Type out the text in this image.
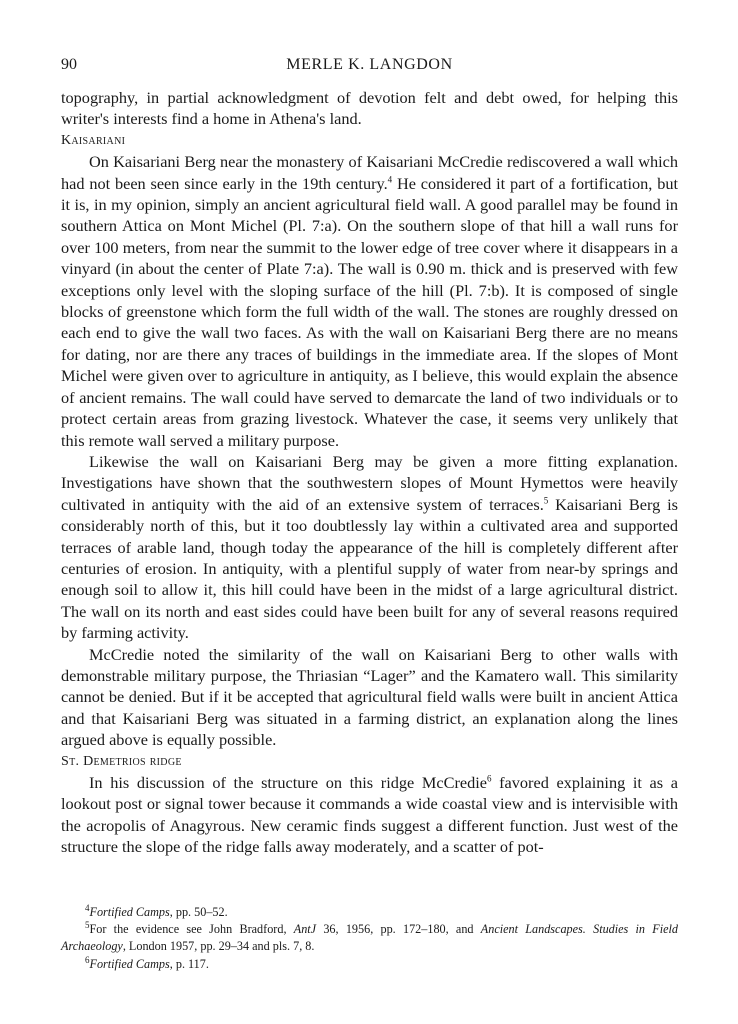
90	MERLE K. LANGDON

topography, in partial acknowledgment of devotion felt and debt owed, for helping this writer's interests find a home in Athena's land.

Kaisariani

On Kaisariani Berg near the monastery of Kaisariani McCredie rediscovered a wall which had not been seen since early in the 19th century.$^4$ He considered it part of a fortification, but it is, in my opinion, simply an ancient agricultural field wall. A good parallel may be found in southern Attica on Mont Michel (Pl. 7:a). On the southern slope of that hill a wall runs for over 100 meters, from near the summit to the lower edge of tree cover where it disappears in a vinyard (in about the center of Plate 7:a). The wall is 0.90 m. thick and is preserved with few exceptions only level with the sloping surface of the hill (Pl. 7:b). It is composed of single blocks of greenstone which form the full width of the wall. The stones are roughly dressed on each end to give the wall two faces. As with the wall on Kaisariani Berg there are no means for dating, nor are there any traces of buildings in the immediate area. If the slopes of Mont Michel were given over to agriculture in antiquity, as I believe, this would explain the absence of ancient remains. The wall could have served to demarcate the land of two individuals or to protect certain areas from grazing livestock. Whatever the case, it seems very unlikely that this remote wall served a military purpose.

Likewise the wall on Kaisariani Berg may be given a more fitting explanation. Investigations have shown that the southwestern slopes of Mount Hymettos were heavily cultivated in antiquity with the aid of an extensive system of terraces.$^5$ Kaisariani Berg is considerably north of this, but it too doubtlessly lay within a cultivated area and supported terraces of arable land, though today the appearance of the hill is completely different after centuries of erosion. In antiquity, with a plentiful supply of water from near-by springs and enough soil to allow it, this hill could have been in the midst of a large agricultural district. The wall on its north and east sides could have been built for any of several reasons required by farming activity.

McCredie noted the similarity of the wall on Kaisariani Berg to other walls with demonstrable military purpose, the Thriasian “Lager” and the Kamatero wall. This similarity cannot be denied. But if it be accepted that agricultural field walls were built in ancient Attica and that Kaisariani Berg was situated in a farming district, an explanation along the lines argued above is equally possible.

St. Demetrios ridge

In his discussion of the structure on this ridge McCredie$^6$ favored explaining it as a lookout post or signal tower because it commands a wide coastal view and is intervisible with the acropolis of Anagyrous. New ceramic finds suggest a different function. Just west of the structure the slope of the ridge falls away moderately, and a scatter of pot-

$^4$Fortified Camps, pp. 50–52.

$^5$For the evidence see John Bradford, AntJ 36, 1956, pp. 172–180, and Ancient Landscapes. Studies in Field Archaeology, London 1957, pp. 29–34 and pls. 7, 8.

$^6$Fortified Camps, p. 117.
